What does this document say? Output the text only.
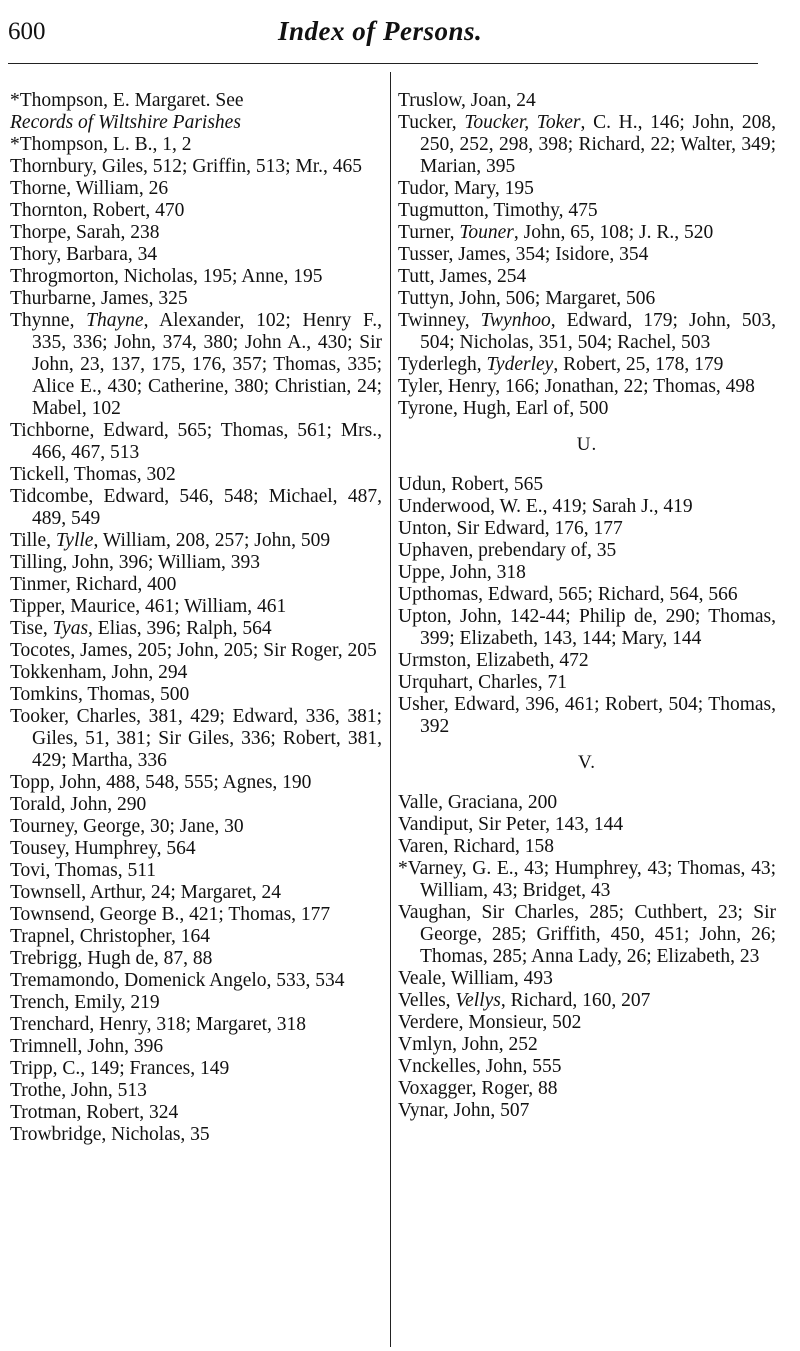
600	Index of Persons.
*Thompson, E. Margaret. See
Records of Wiltshire Parishes
*Thompson, L. B., 1, 2
Thornbury, Giles, 512; Griffin, 513; Mr., 465
Thorne, William, 26
Thornton, Robert, 470
Thorpe, Sarah, 238
Thory, Barbara, 34
Throgmorton, Nicholas, 195; Anne, 195
Thurbarne, James, 325
Thynne, Thayne, Alexander, 102; Henry F., 335, 336; John, 374, 380; John A., 430; Sir John, 23, 137, 175, 176, 357; Thomas, 335; Alice E., 430; Catherine, 380; Christian, 24; Mabel, 102
Tichborne, Edward, 565; Thomas, 561; Mrs., 466, 467, 513
Tickell, Thomas, 302
Tidcombe, Edward, 546, 548; Michael, 487, 489, 549
Tille, Tylle, William, 208, 257; John, 509
Tilling, John, 396; William, 393
Tinmer, Richard, 400
Tipper, Maurice, 461; William, 461
Tise, Tyas, Elias, 396; Ralph, 564
Tocotes, James, 205; John, 205; Sir Roger, 205
Tokkenham, John, 294
Tomkins, Thomas, 500
Tooker, Charles, 381, 429; Edward, 336, 381; Giles, 51, 381; Sir Giles, 336; Robert, 381, 429; Martha, 336
Topp, John, 488, 548, 555; Agnes, 190
Torald, John, 290
Tourney, George, 30; Jane, 30
Tousey, Humphrey, 564
Tovi, Thomas, 511
Townsell, Arthur, 24; Margaret, 24
Townsend, George B., 421; Thomas, 177
Trapnel, Christopher, 164
Trebrigg, Hugh de, 87, 88
Tremamondo, Domenick Angelo, 533, 534
Trench, Emily, 219
Trenchard, Henry, 318; Margaret, 318
Trimnell, John, 396
Tripp, C., 149; Frances, 149
Trothe, John, 513
Trotman, Robert, 324
Trowbridge, Nicholas, 35
Truslow, Joan, 24
Tucker, Toucker, Toker, C. H., 146; John, 208, 250, 252, 298, 398; Richard, 22; Walter, 349; Marian, 395
Tudor, Mary, 195
Tugmutton, Timothy, 475
Turner, Touner, John, 65, 108; J. R., 520
Tusser, James, 354; Isidore, 354
Tutt, James, 254
Tuttyn, John, 506; Margaret, 506
Twinney, Twynhoo, Edward, 179; John, 503, 504; Nicholas, 351, 504; Rachel, 503
Tyderlegh, Tyderley, Robert, 25, 178, 179
Tyler, Henry, 166; Jonathan, 22; Thomas, 498
Tyrone, Hugh, Earl of, 500
U.
Udun, Robert, 565
Underwood, W. E., 419; Sarah J., 419
Unton, Sir Edward, 176, 177
Uphaven, prebendary of, 35
Uppe, John, 318
Upthomas, Edward, 565; Richard, 564, 566
Upton, John, 142-44; Philip de, 290; Thomas, 399; Elizabeth, 143, 144; Mary, 144
Urmston, Elizabeth, 472
Urquhart, Charles, 71
Usher, Edward, 396, 461; Robert, 504; Thomas, 392
V.
Valle, Graciana, 200
Vandiput, Sir Peter, 143, 144
Varen, Richard, 158
*Varney, G. E., 43; Humphrey, 43; Thomas, 43; William, 43; Bridget, 43
Vaughan, Sir Charles, 285; Cuthbert, 23; Sir George, 285; Griffith, 450, 451; John, 26; Thomas, 285; Anna Lady, 26; Elizabeth, 23
Veale, William, 493
Velles, Vellys, Richard, 160, 207
Verdere, Monsieur, 502
Vmlyn, John, 252
Vnckelles, John, 555
Voxagger, Roger, 88
Vynar, John, 507
